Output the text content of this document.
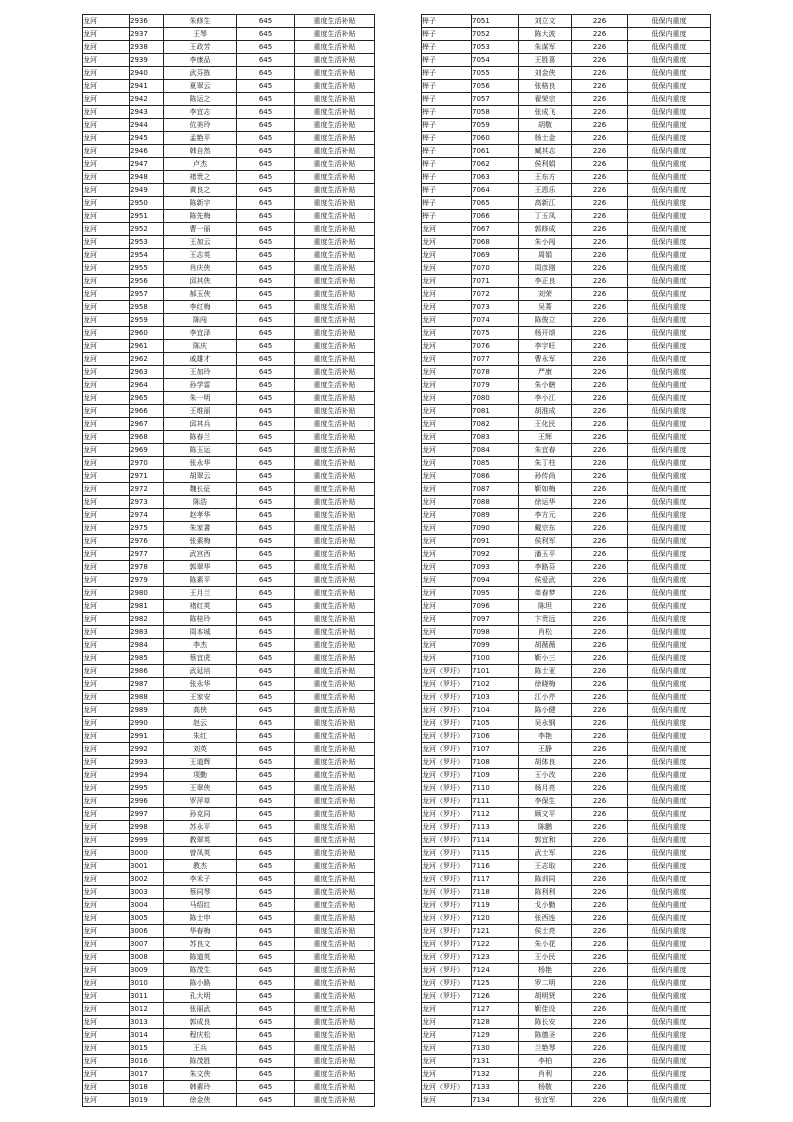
龙河	2936	朱修生	645	重度生活补贴
龙河	2937	王琴	645	重度生活补贴
龙河	2938	王政芳	645	重度生活补贴
龙河	2939	李康品	645	重度生活补贴
龙河	2940	武芬拣	645	重度生活补贴
龙河	2941	夏翠云	645	重度生活补贴
龙河	2942	陈运之	645	重度生活补贴
龙河	2943	李宜志	645	重度生活补贴
龙河	2944	伉美玲	645	重度生活补贴
龙河	2945	孟艳平	645	重度生活补贴
龙河	2946	韩自然	645	重度生活补贴
龙河	2947	卢杰	645	重度生活补贴
龙河	2948	褚贵之	645	重度生活补贴
龙河	2949	黄良之	645	重度生活补贴
龙河	2950	陈新宇	645	重度生活补贴
龙河	2951	陈先梅	645	重度生活补贴
龙河	2952	曹一丽	645	重度生活补贴
龙河	2953	王加云	645	重度生活补贴
龙河	2954	王志英	645	重度生活补贴
龙河	2955	肖庆侠	645	重度生活补贴
龙河	2956	邱其侠	645	重度生活补贴
龙河	2957	郝玉侠	645	重度生活补贴
龙河	2958	李红梅	645	重度生活补贴
龙河	2959	陈闯	645	重度生活补贴
龙河	2960	李宜泽	645	重度生活补贴
龙河	2961	陈庆	645	重度生活补贴
龙河	2962	戚雄才	645	重度生活补贴
龙河	2963	王加玲	645	重度生活补贴
龙河	2964	孙学雷	645	重度生活补贴
龙河	2965	朱一明	645	重度生活补贴
龙河	2966	王维丽	645	重度生活补贴
龙河	2967	邱其兵	645	重度生活补贴
龙河	2968	陈春兰	645	重度生活补贴
龙河	2969	陈玉运	645	重度生活补贴
龙河	2970	张永华	645	重度生活补贴
龙河	2971	胡翠云	645	重度生活补贴
龙河	2972	魏长征	645	重度生活补贴
龙河	2973	陈浩	645	重度生活补贴
龙河	2974	赵孝华	645	重度生活补贴
龙河	2975	朱家書	645	重度生活补贴
龙河	2976	张素梅	645	重度生活补贴
龙河	2977	武宫西	645	重度生活补贴
龙河	2978	郭翠华	645	重度生活补贴
龙河	2979	陈素平	645	重度生活补贴
龙河	2980	王月兰	645	重度生活补贴
龙河	2981	褚红英	645	重度生活补贴
龙河	2982	陈桂玲	645	重度生活补贴
龙河	2983	周本城	645	重度生活补贴
龙河	2984	李杰	645	重度生活补贴
龙河	2985	蔡宜虎	645	重度生活补贴
龙河	2986	武延培	645	重度生活补贴
龙河	2987	张永华	645	重度生活补贴
龙河	2988	王家安	645	重度生活补贴
龙河	2989	高侠	645	重度生活补贴
龙河	2990	赵云	645	重度生活补贴
龙河	2991	朱红	645	重度生活补贴
龙河	2992	刘英	645	重度生活补贴
龙河	2993	王道辉	645	重度生活补贴
龙河	2994	项勤	645	重度生活补贴
龙河	2995	王翠侠	645	重度生活补贴
龙河	2996	罗萍草	645	重度生活补贴
龙河	2997	孙克同	645	重度生活补贴
龙河	2998	苏永平	645	重度生活补贴
龙河	2999	教翠英	645	重度生活补贴
龙河	3000	曾凤英	645	重度生活补贴
龙河	3001	教杰	645	重度生活补贴
龙河	3002	李禾子	645	重度生活补贴
龙河	3003	蔡同琴	645	重度生活补贴
龙河	3004	马绍红	645	重度生活补贴
龙河	3005	陈士申	645	重度生活补贴
龙河	3006	华春梅	645	重度生活补贴
龙河	3007	苏良文	645	重度生活补贴
龙河	3008	陈道英	645	重度生活补贴
龙河	3009	陈茂生	645	重度生活补贴
龙河	3010	陈小路	645	重度生活补贴
龙河	3011	孔大明	645	重度生活补贴
龙河	3012	张丽武	645	重度生活补贴
龙河	3013	郭成良	645	重度生活补贴
龙河	3014	程庆松	645	重度生活补贴
龙河	3015	王兵	645	重度生活补贴
龙河	3016	陈茂胜	645	重度生活补贴
龙河	3017	朱文侠	645	重度生活补贴
龙河	3018	韩素玲	645	重度生活补贴
龙河	3019	徐金侠	645	重度生活补贴
榉子	7051	刘立文	226	低保内重度
榉子	7052	陈大波	226	低保内重度
榉子	7053	朱谋军	226	低保内重度
榉子	7054	王胜喜	226	低保内重度
榉子	7055	刘金侠	226	低保内重度
榉子	7056	张格良	226	低保内重度
榉子	7057	翟荣宗	226	低保内重度
榉子	7058	张成飞	226	低保内重度
榉子	7059	胡敬	226	低保内重度
榉子	7060	杨士金	226	低保内重度
榉子	7061	臧其志	226	低保内重度
榉子	7062	侯利娟	226	低保内重度
榉子	7063	王东方	226	低保内重度
榉子	7064	王恩乐	226	低保内重度
榉子	7065	高新江	226	低保内重度
榉子	7066	丁玉凤	226	低保内重度
龙河	7067	郭修成	226	低保内重度
龙河	7068	朱小闯	226	低保内重度
龙河	7069	周娟	226	低保内重度
龙河	7070	周彦刚	226	低保内重度
龙河	7071	李正良	226	低保内重度
龙河	7072	刘荣	226	低保内重度
龙河	7073	吴菁	226	低保内重度
龙河	7074	陈俊立	226	低保内重度
龙河	7075	杨开颂	226	低保内重度
龙河	7076	李宇旺	226	低保内重度
龙河	7077	曹永军	226	低保内重度
龙河	7078	严康	226	低保内重度
龙河	7079	朱小瞎	226	低保内重度
龙河	7080	李小江	226	低保内重度
龙河	7081	胡淮成	226	低保内重度
龙河	7082	王化民	226	低保内重度
龙河	7083	王辉	226	低保内重度
龙河	7084	朱宜春	226	低保内重度
龙河	7085	朱丁柱	226	低保内重度
龙河	7086	孙传尚	226	低保内重度
龙河	7087	靳如梅	226	低保内重度
龙河	7088	徐运华	226	低保内重度
龙河	7089	李方元	226	低保内重度
龙河	7090	戴宗东	226	低保内重度
龙河	7091	侯利军	226	低保内重度
龙河	7092	潘玉平	226	低保内重度
龙河	7093	李路芬	226	低保内重度
龙河	7094	侯爱武	226	低保内重度
龙河	7095	单春梦	226	低保内重度
龙河	7096	陈坦	226	低保内重度
龙河	7097	卞贵远	226	低保内重度
龙河	7098	肖松	226	低保内重度
龙河	7099	胡薇薇	226	低保内重度
龙河	7100	靳小三	226	低保内重度
龙河（罗圩）	7101	陈士亚	226	低保内重度
龙河（罗圩）	7102	徐晓梅	226	低保内重度
龙河（罗圩）	7103	江小芹	226	低保内重度
龙河（罗圩）	7104	陈小健	226	低保内重度
龙河（罗圩）	7105	吴永钢	226	低保内重度
龙河（罗圩）	7106	李艳	226	低保内重度
龙河（罗圩）	7107	王静	226	低保内重度
龙河（罗圩）	7108	胡体良	226	低保内重度
龙河（罗圩）	7109	王小改	226	低保内重度
龙河（罗圩）	7110	杨月亮	226	低保内重度
龙河（罗圩）	7111	李保生	226	低保内重度
龙河（罗圩）	7112	顾文平	226	低保内重度
龙河（罗圩）	7113	陈鹏	226	低保内重度
龙河（罗圩）	7114	郭宜和	226	低保内重度
龙河（罗圩）	7115	武士军	226	低保内重度
龙河（罗圩）	7116	王志取	226	低保内重度
龙河（罗圩）	7117	陈训同	226	低保内重度
龙河（罗圩）	7118	陈利利	226	低保内重度
龙河（罗圩）	7119	戈小勤	226	低保内重度
龙河（罗圩）	7120	张西连	226	低保内重度
龙河（罗圩）	7121	侯士亮	226	低保内重度
龙河（罗圩）	7122	朱小花	226	低保内重度
龙河（罗圩）	7123	王小民	226	低保内重度
龙河（罗圩）	7124	杨艳	226	低保内重度
龙河（罗圩）	7125	罗二明	226	低保内重度
龙河（罗圩）	7126	胡明贤	226	低保内重度
龙河	7127	靳佳设	226	低保内重度
龙河	7128	陈长安	226	低保内重度
龙河	7129	陈德圣	226	低保内重度
龙河	7130	兰艳琴	226	低保内重度
龙河	7131	李柏	226	低保内重度
龙河	7132	肖利	226	低保内重度
龙河（罗圩）	7133	杨敬	226	低保内重度
龙河	7134	张宜军	226	低保内重度
